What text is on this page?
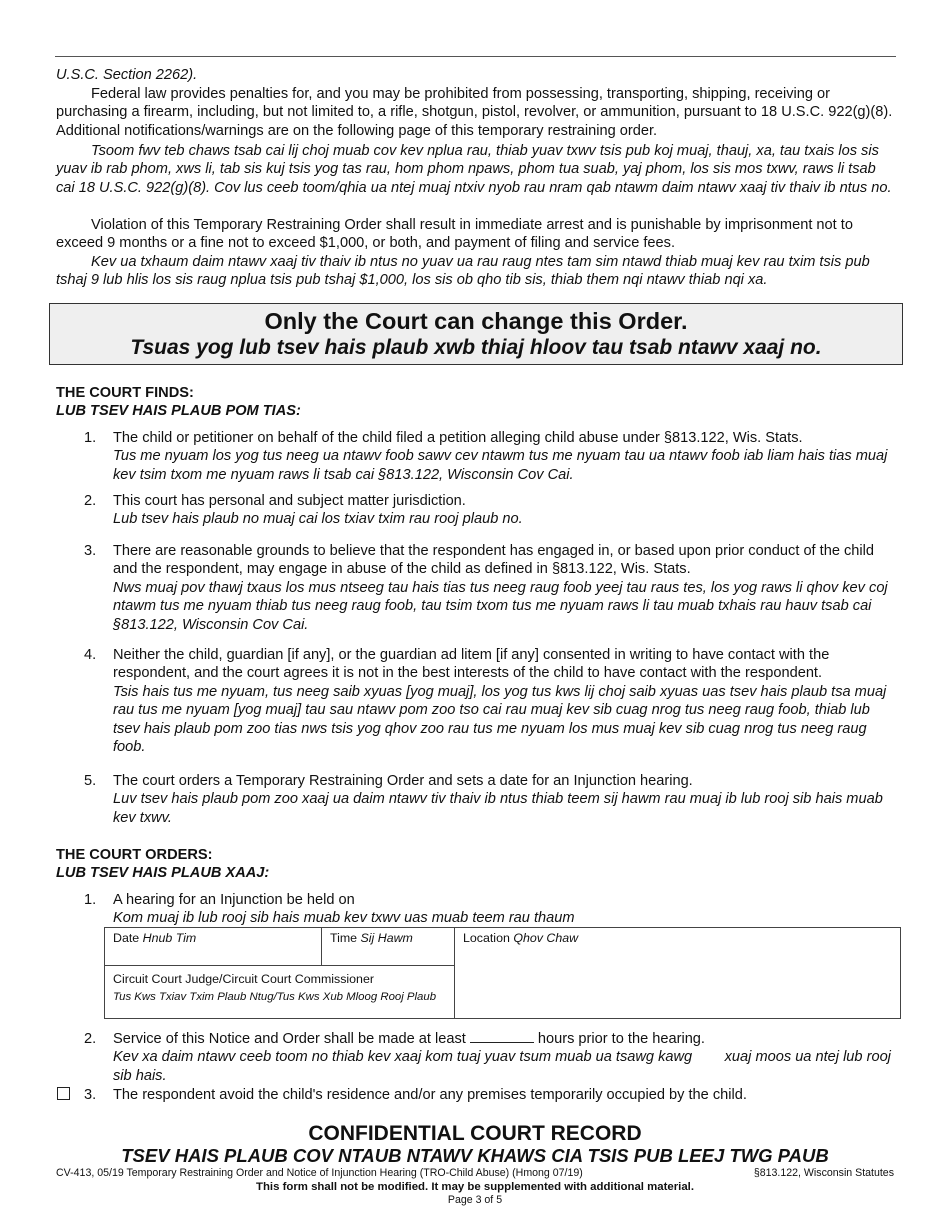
U.S.C. Section 2262).

Federal law provides penalties for, and you may be prohibited from possessing, transporting, shipping, receiving or purchasing a firearm, including, but not limited to, a rifle, shotgun, pistol, revolver, or ammunition, pursuant to 18 U.S.C. 922(g)(8). Additional notifications/warnings are on the following page of this temporary restraining order.

Tsoom fwv teb chaws tsab cai lij choj muab cov kev nplua rau, thiab yuav txwv tsis pub koj muaj, thauj, xa, tau txais los sis yuav ib rab phom, xws li, tab sis kuj tsis yog tas rau, hom phom npaws, phom tua suab, yaj phom, los sis mos txwv, raws li tsab cai 18 U.S.C. 922(g)(8). Cov lus ceeb toom/qhia ua ntej muaj ntxiv nyob rau nram qab ntawm daim ntawv xaaj tiv thaiv ib ntus no.

Violation of this Temporary Restraining Order shall result in immediate arrest and is punishable by imprisonment not to exceed 9 months or a fine not to exceed $1,000, or both, and payment of filing and service fees.

Kev ua txhaum daim ntawv xaaj tiv thaiv ib ntus no yuav ua rau raug ntes tam sim ntawd thiab muaj kev rau txim tsis pub tshaj 9 lub hlis los sis raug nplua tsis pub tshaj $1,000, los sis ob qho tib sis, thiab them nqi ntawv thiab nqi xa.

Only the Court can change this Order.
Tsuas yog lub tsev hais plaub xwb thiaj hloov tau tsab ntawv xaaj no.
THE COURT FINDS:
LUB TSEV HAIS PLAUB POM TIAS:
1.	The child or petitioner on behalf of the child filed a petition alleging child abuse under §813.122, Wis. Stats.
Tus me nyuam los yog tus neeg ua ntawv foob sawv cev ntawm tus me nyuam tau ua ntawv foob iab liam hais tias muaj kev tsim txom me nyuam raws li tsab cai §813.122, Wisconsin Cov Cai.
2.	This court has personal and subject matter jurisdiction.
Lub tsev hais plaub no muaj cai los txiav txim rau rooj plaub no.
3.	There are reasonable grounds to believe that the respondent has engaged in, or based upon prior conduct of the child and the respondent, may engage in abuse of the child as defined in §813.122, Wis. Stats.
Nws muaj pov thawj txaus los mus ntseeg tau hais tias tus neeg raug foob yeej tau raus tes, los yog raws li qhov kev coj ntawm tus me nyuam thiab tus neeg raug foob, tau tsim txom tus me nyuam raws li tau muab txhais rau hauv tsab cai §813.122, Wisconsin Cov Cai.
4.	Neither the child, guardian [if any], or the guardian ad litem [if any] consented in writing to have contact with the respondent, and the court agrees it is not in the best interests of the child to have contact with the respondent.
Tsis hais tus me nyuam, tus neeg saib xyuas [yog muaj], los yog tus kws lij choj saib xyuas uas tsev hais plaub tsa muaj rau tus me nyuam [yog muaj] tau sau ntawv pom zoo tso cai rau muaj kev sib cuag nrog tus neeg raug foob, thiab lub tsev hais plaub pom zoo tias nws tsis yog qhov zoo rau tus me nyuam los mus muaj kev sib cuag nrog tus neeg raug foob.
5.	The court orders a Temporary Restraining Order and sets a date for an Injunction hearing.
Luv tsev hais plaub pom zoo xaaj ua daim ntawv tiv thaiv ib ntus thiab teem sij hawm rau muaj ib lub rooj sib hais muab kev txwv.
THE COURT ORDERS:
LUB TSEV HAIS PLAUB XAAJ:
1.	A hearing for an Injunction be held on
Kom muaj ib lub rooj sib hais muab kev txwv uas muab teem rau thaum
Date Hnub Tim	Time Sij Hawm	Location Qhov Chaw
Circuit Court Judge/Circuit Court Commissioner
Tus Kws Txiav Txim Plaub Ntug/Tus Kws Xub Mloog Rooj Plaub
2.	Service of this Notice and Order shall be made at least	hours prior to the hearing.
Kev xa daim ntawv ceeb toom no thiab kev xaaj kom tuaj yuav tsum muab ua tsawg kawg xuaj moos ua ntej lub rooj sib hais.
3.	The respondent avoid the child's residence and/or any premises temporarily occupied by the child.
CONFIDENTIAL COURT RECORD
TSEV HAIS PLAUB COV NTAUB NTAWV KHAWS CIA TSIS PUB LEEJ TWG PAUB
CV-413, 05/19 Temporary Restraining Order and Notice of Injunction Hearing (TRO-Child Abuse) (Hmong 07/19)	§813.122, Wisconsin Statutes
This form shall not be modified. It may be supplemented with additional material.
Page 3 of 5
